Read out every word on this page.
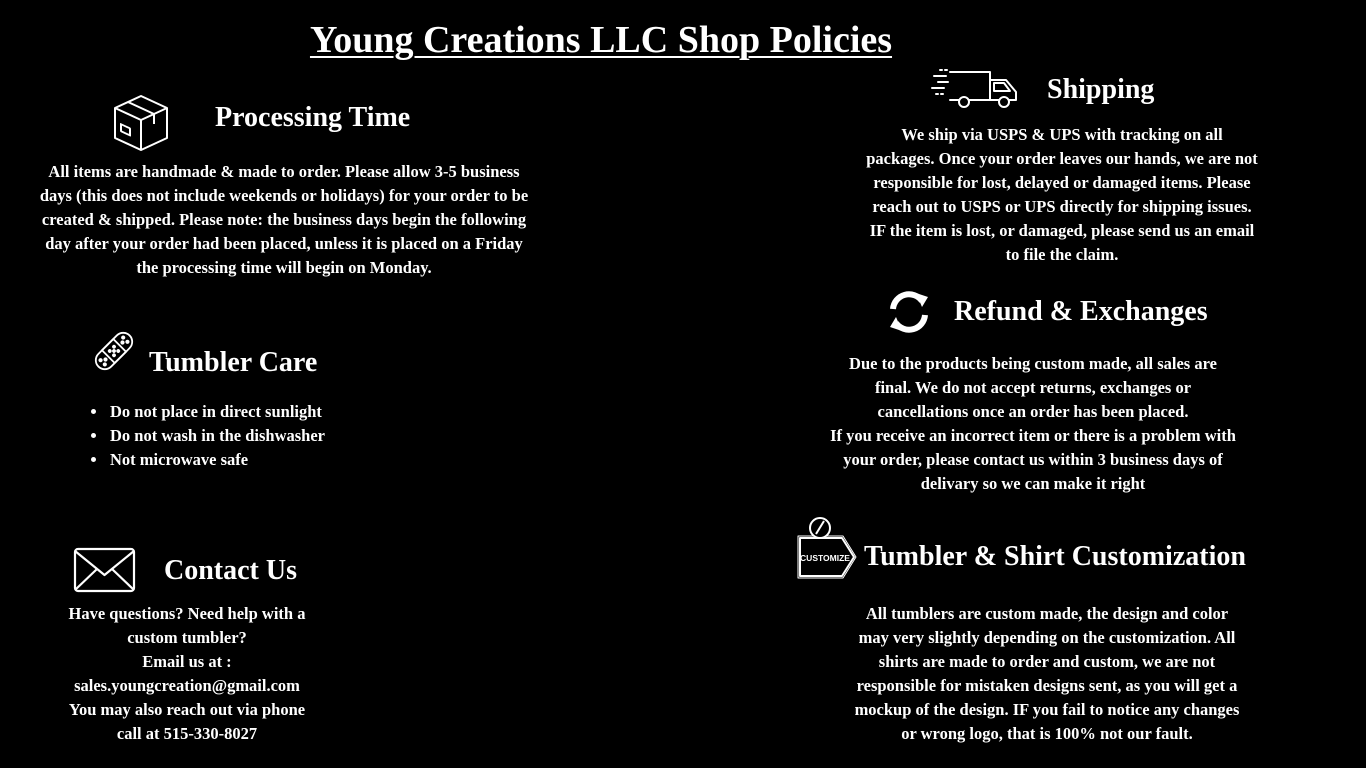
Young Creations LLC Shop Policies
Processing Time
All items are handmade & made to order. Please allow 3-5 business
days (this does not include weekends or holidays) for your order to be
created & shipped. Please note: the business days begin the following
day after your order had been placed, unless it is placed on a Friday
the processing time will begin on Monday.
Tumbler Care
• Do not place in direct sunlight
• Do not wash in the dishwasher
• Not microwave safe
Contact Us
Have questions? Need help with a
custom tumbler?
Email us at :
sales.youngcreation@gmail.com
You may also reach out via phone
call at 515-330-8027
Shipping
We ship via USPS & UPS with tracking on all
packages. Once your order leaves our hands, we are not
responsible for lost, delayed or damaged items. Please
reach out to USPS or UPS directly for shipping issues.
IF the item is lost, or damaged, please send us an email
to file the claim.
Refund & Exchanges
Due to the products being custom made, all sales are
final. We do not accept returns, exchanges or
cancellations once an order has been placed.
If you receive an incorrect item or there is a problem with
your order, please contact us within 3 business days of
delivary so we can make it right
CUSTOMIZE Tumbler & Shirt Customization
All tumblers are custom made, the design and color
may very slightly depending on the customization. All
shirts are made to order and custom, we are not
responsible for mistaken designs sent, as you will get a
mockup of the design. IF you fail to notice any changes
or wrong logo, that is 100% not our fault.
